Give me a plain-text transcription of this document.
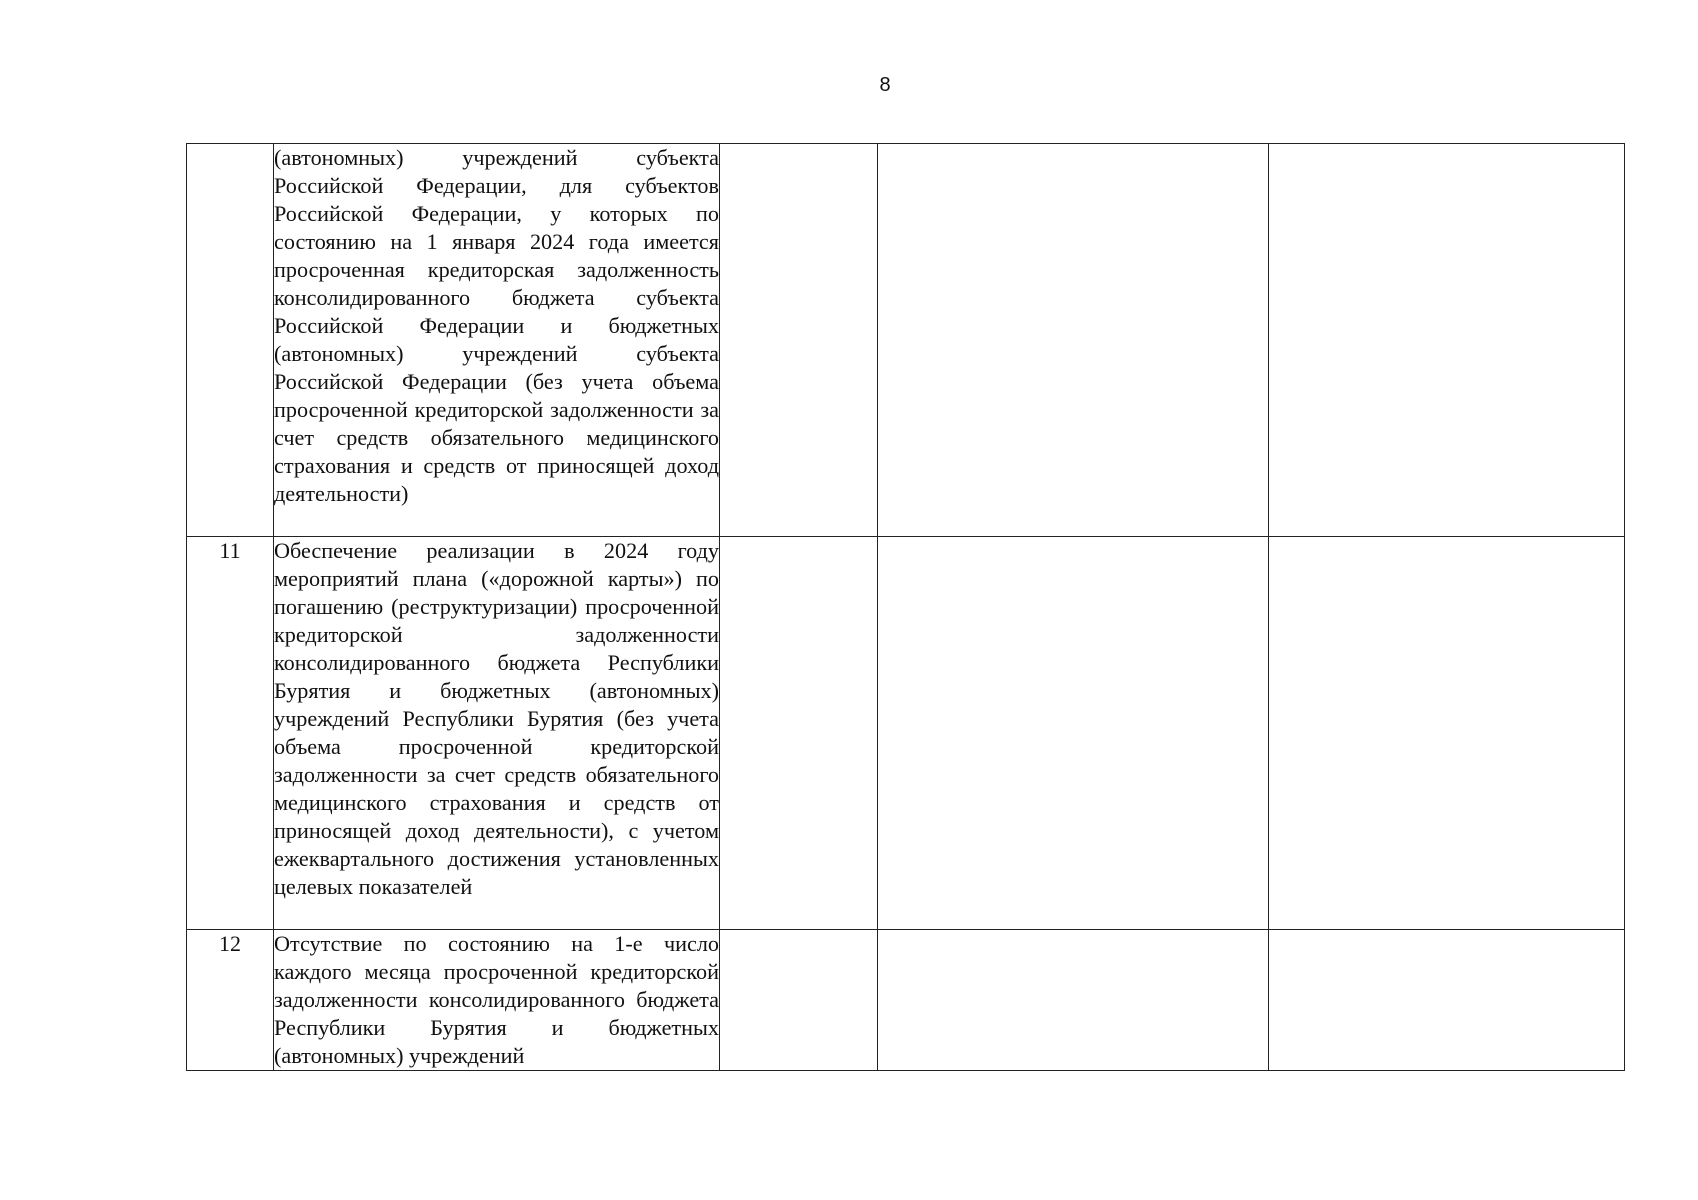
8

	(автономных) учреждений субъекта Российской Федерации, для субъектов Российской Федерации, у которых по состоянию на 1 января 2024 года имеется просроченная кредиторская задолженность консолидированного бюджета субъекта Российской Федерации и бюджетных (автономных) учреждений субъекта Российской Федерации (без учета объема просроченной кредиторской задолженности за счет средств обязательного медицинского страхования и средств от приносящей доход деятельности)			

11	Обеспечение реализации в 2024 году мероприятий плана («дорожной карты») по погашению (реструктуризации) просроченной кредиторской задолженности консолидированного бюджета Республики Бурятия и бюджетных (автономных) учреждений Республики Бурятия (без учета объема просроченной кредиторской задолженности за счет средств обязательного медицинского страхования и средств от приносящей доход деятельности), с учетом ежеквартального достижения установленных целевых показателей			

12	Отсутствие по состоянию на 1-е число каждого месяца просроченной кредиторской задолженности консолидированного бюджета Республики Бурятия и бюджетных (автономных) учреждений			
